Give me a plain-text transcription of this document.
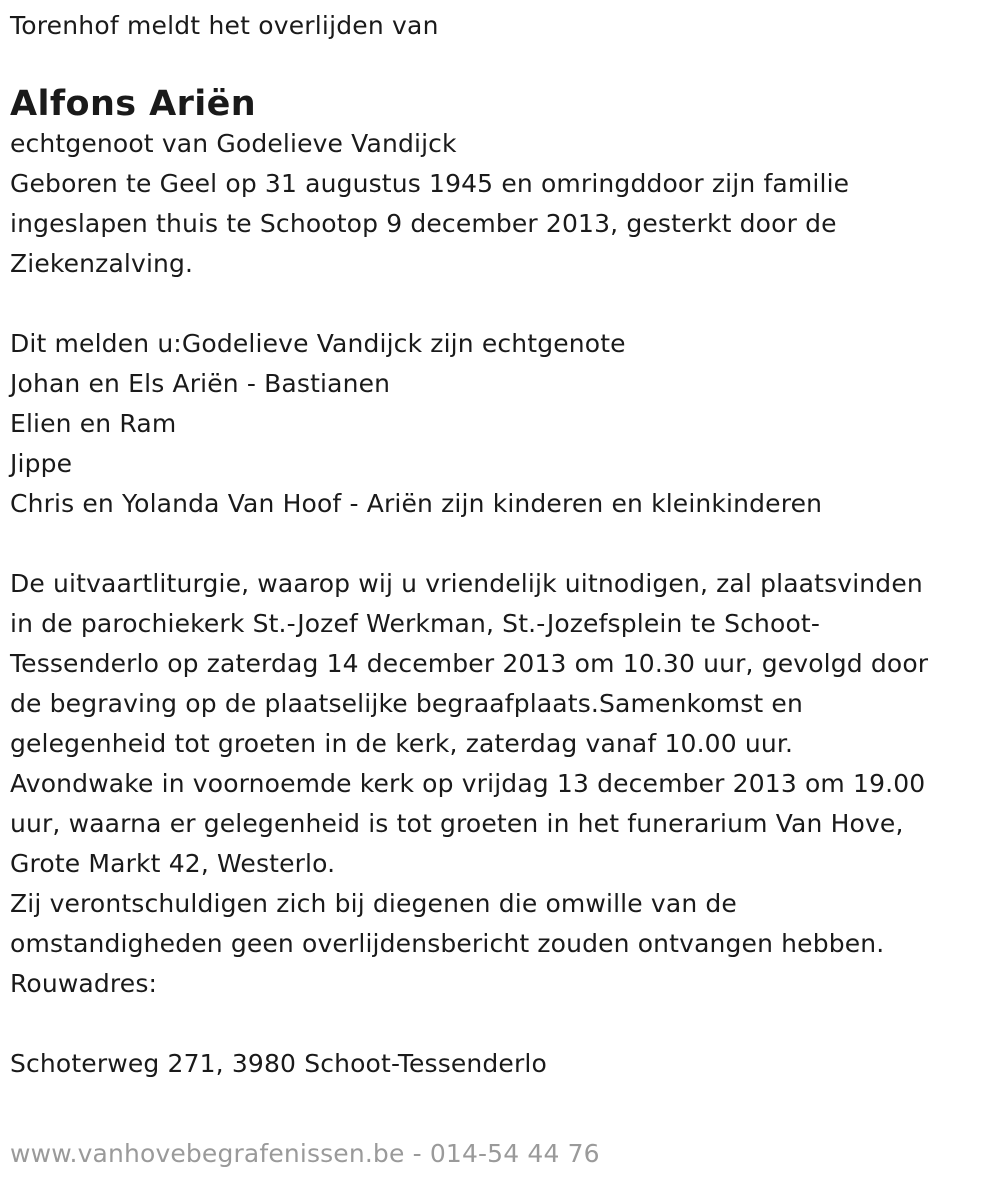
Torenhof meldt het overlijden van

Alfons Ariën

echtgenoot van Godelieve Vandijck

Geboren te Geel op 31 augustus 1945 en omringddoor zijn familie

ingeslapen thuis te Schootop 9 december 2013, gesterkt door de

Ziekenzalving.

Dit melden u:Godelieve Vandijck zijn echtgenote

Johan en Els Ariën - Bastianen

Elien en Ram

Jippe

Chris en Yolanda Van Hoof - Ariën zijn kinderen en kleinkinderen

De uitvaartliturgie, waarop wij u vriendelijk uitnodigen, zal plaatsvinden

in de parochiekerk St.-Jozef Werkman, St.-Jozefsplein te Schoot-

Tessenderlo op zaterdag 14 december 2013 om 10.30 uur, gevolgd door

de begraving op de plaatselijke begraafplaats.Samenkomst en

gelegenheid tot groeten in de kerk, zaterdag vanaf 10.00 uur.

Avondwake in voornoemde kerk op vrijdag 13 december 2013 om 19.00

uur, waarna er gelegenheid is tot groeten in het funerarium Van Hove,

Grote Markt 42, Westerlo.

Zij verontschuldigen zich bij diegenen die omwille van de

omstandigheden geen overlijdensbericht zouden ontvangen hebben.

Rouwadres:

Schoterweg 271, 3980 Schoot-Tessenderlo

www.vanhovebegrafenissen.be - 014-54 44 76
